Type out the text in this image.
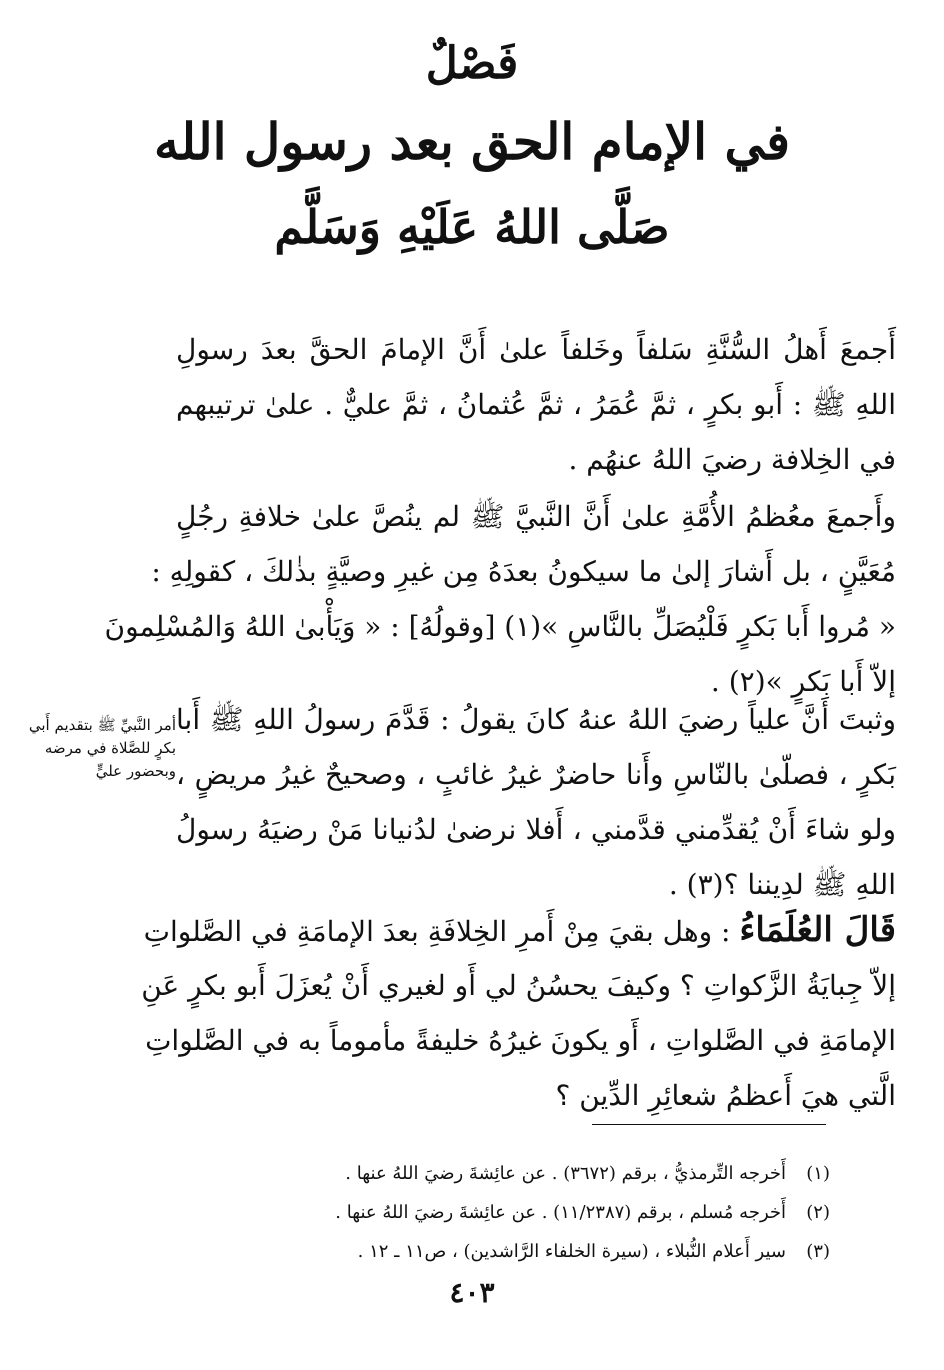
فَصْلٌ
في الإمام الحق بعد رسول الله
صَلَّى اللهُ عَلَيْهِ وَسَلَّم
أَجمعَ أَهلُ السُّنَّةِ سَلفاً وخَلفاً علىٰ أَنَّ الإمامَ الحقَّ بعدَ رسولِ
اللهِ ﷺ : أَبو بكرٍ ، ثمَّ عُمَرُ ، ثمَّ عُثمانُ ، ثمَّ عليٌّ . علىٰ ترتيبهم
في الخِلافة رضيَ اللهُ عنهُم .
وأَجمعَ معُظمُ الأُمَّةِ علىٰ أَنَّ النَّبيَّ ﷺ لم ينُصَّ علىٰ خلافةِ رجُلٍ
مُعَيَّنٍ ، بل أَشارَ إلىٰ ما سيكونُ بعدَهُ مِن غيرِ وصيَّةٍ بذٰلكَ ، كقولِهِ :
« مُروا أَبا بَكرٍ فَلْيُصَلِّ بالنَّاسِ »(١) [وقولُهُ] : « وَيَأْبىٰ اللهُ وَالمُسْلِمونَ
إلاّ أَبا بَكرٍ »(٢) .
أمر النَّبيِّ ﷺ بتقديم أَبي بكرٍ للصَّلاة في مرضه وبحضور عليٍّ
وثبتَ أَنَّ علياً رضيَ اللهُ عنهُ كانَ يقولُ : قَدَّمَ رسولُ اللهِ ﷺ أَبا
بَكرٍ ، فصلّىٰ بالنّاسِ وأَنا حاضرٌ غيرُ غائبٍ ، وصحيحٌ غيرُ مريضٍ ،
ولو شاءَ أَنْ يُقدِّمني قدَّمني ، أَفلا نرضىٰ لدُنيانا مَنْ رضيَهُ رسولُ
اللهِ ﷺ لدِيننا ؟(٣) .
قَالَ العُلَمَاءُ : وهل بقيَ مِنْ أَمرِ الخِلافَةِ بعدَ الإمامَةِ في الصَّلواتِ
إلاّ جِبايَةُ الزَّكواتِ ؟ وكيفَ يحسُنُ لي أَو لغيري أَنْ يُعزَلَ أَبو بكرٍ عَنِ
الإمامَةِ في الصَّلواتِ ، أَو يكونَ غيرُهُ خليفةً مأموماً به في الصَّلواتِ
الَّتي هيَ أَعظمُ شعائِرِ الدِّين ؟
(١)أَخرجه التِّرمذيُّ ، برقم (٣٦٧٢) . عن عائِشةَ رضيَ اللهُ عنها .
(٢)أَخرجه مُسلم ، برقم (١١/٢٣٨٧) . عن عائِشةَ رضيَ اللهُ عنها .
(٣)سير أَعلام النُّبلاء ، (سيرة الخلفاء الرَّاشدين) ، ص١١ ـ ١٢ .
٤٠٣
